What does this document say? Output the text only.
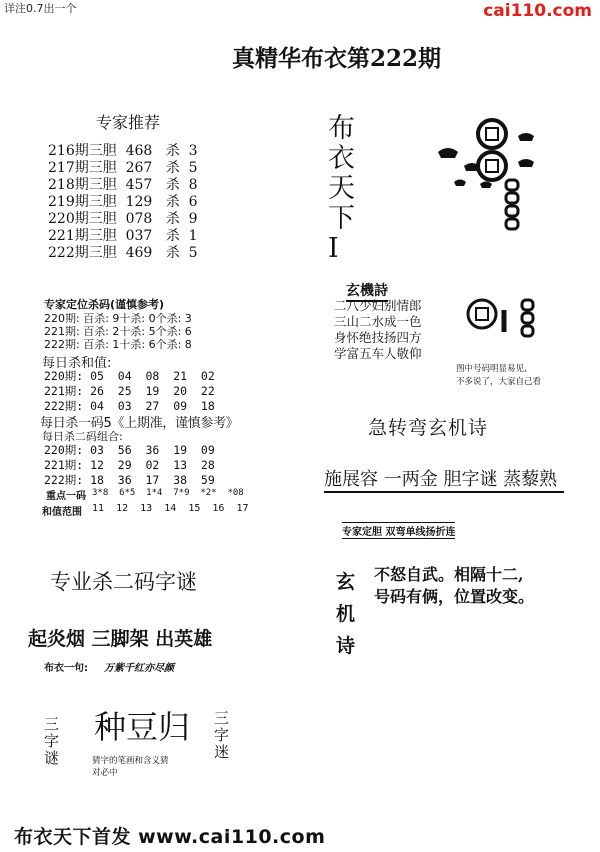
详注0.7出一个	cai110.com
真精华布衣第222期
专家推荐
216期三胆  468   杀  3
217期三胆  267   杀  5
218期三胆  457   杀  8
219期三胆  129   杀  6
220期三胆  078   杀  9
221期三胆  037   杀  1
222期三胆  469   杀  5
专家定位杀码(谨慎参考)
220期: 百杀: 9十杀: 0个杀: 3
221期: 百杀: 2十杀: 5个杀: 6
222期: 百杀: 1十杀: 6个杀: 8
每日杀和值:
220期: 05  04  08  21  02
221期: 26  25  19  20  22
222期: 04  03  27  09  18
每日杀一码5《上期准，谨慎参考》
每日杀二码组合:
220期: 03  56  36  19  09
221期: 12  29  02  13  28
222期: 18  36  17  38  59
重点一码 3*8  6*5  1*4  7*9  *2*  *08
和值范围 11  12  13  14  15  16  17
专业杀二码字谜
起炎烟 三脚架 出英雄
布衣一句: 万紫千红亦尽颜
三字谜
种豆归 三字迷
猜字的笔画和含义猜
对必中
布衣天下首发 www.cai110.com
布衣天下I
玄機詩
二八少妇别情郎
三山二水成一色
身怀绝技扬四方
学富五车人敬仰
图中号码明显易见,
不多说了，大家自己看
急转弯玄机诗
施展容 一两金 胆字谜 蒸藜熟
专家定胆 双弯单线扬折连
玄机诗
不怒自武。相隔十二,
号码有俩，位置改变。
